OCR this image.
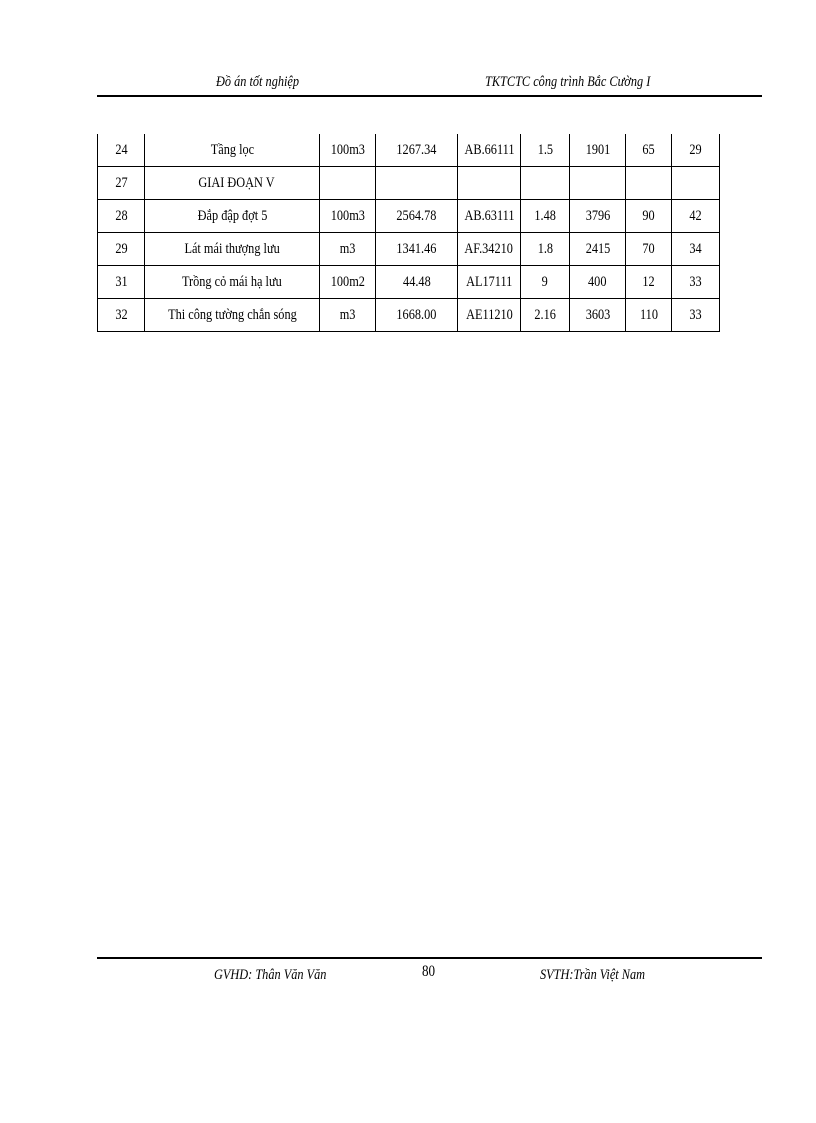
Đồ án tốt nghiệp	TKTCTC công trình Bắc Cường I
24	Tầng lọc	100m3	1267.34	AB.66111	1.5	1901	65	29
27	GIAI ĐOẠN V							
28	Đắp đập đợt 5	100m3	2564.78	AB.63111	1.48	3796	90	42
29	Lát mái thượng lưu	m3	1341.46	AF.34210	1.8	2415	70	34
31	Trồng cỏ mái hạ lưu	100m2	44.48	AL17111	9	400	12	33
32	Thi công tường chắn sóng	m3	1668.00	AE11210	2.16	3603	110	33
GVHD: Thân Văn Văn	80	SVTH:Trần Việt Nam
